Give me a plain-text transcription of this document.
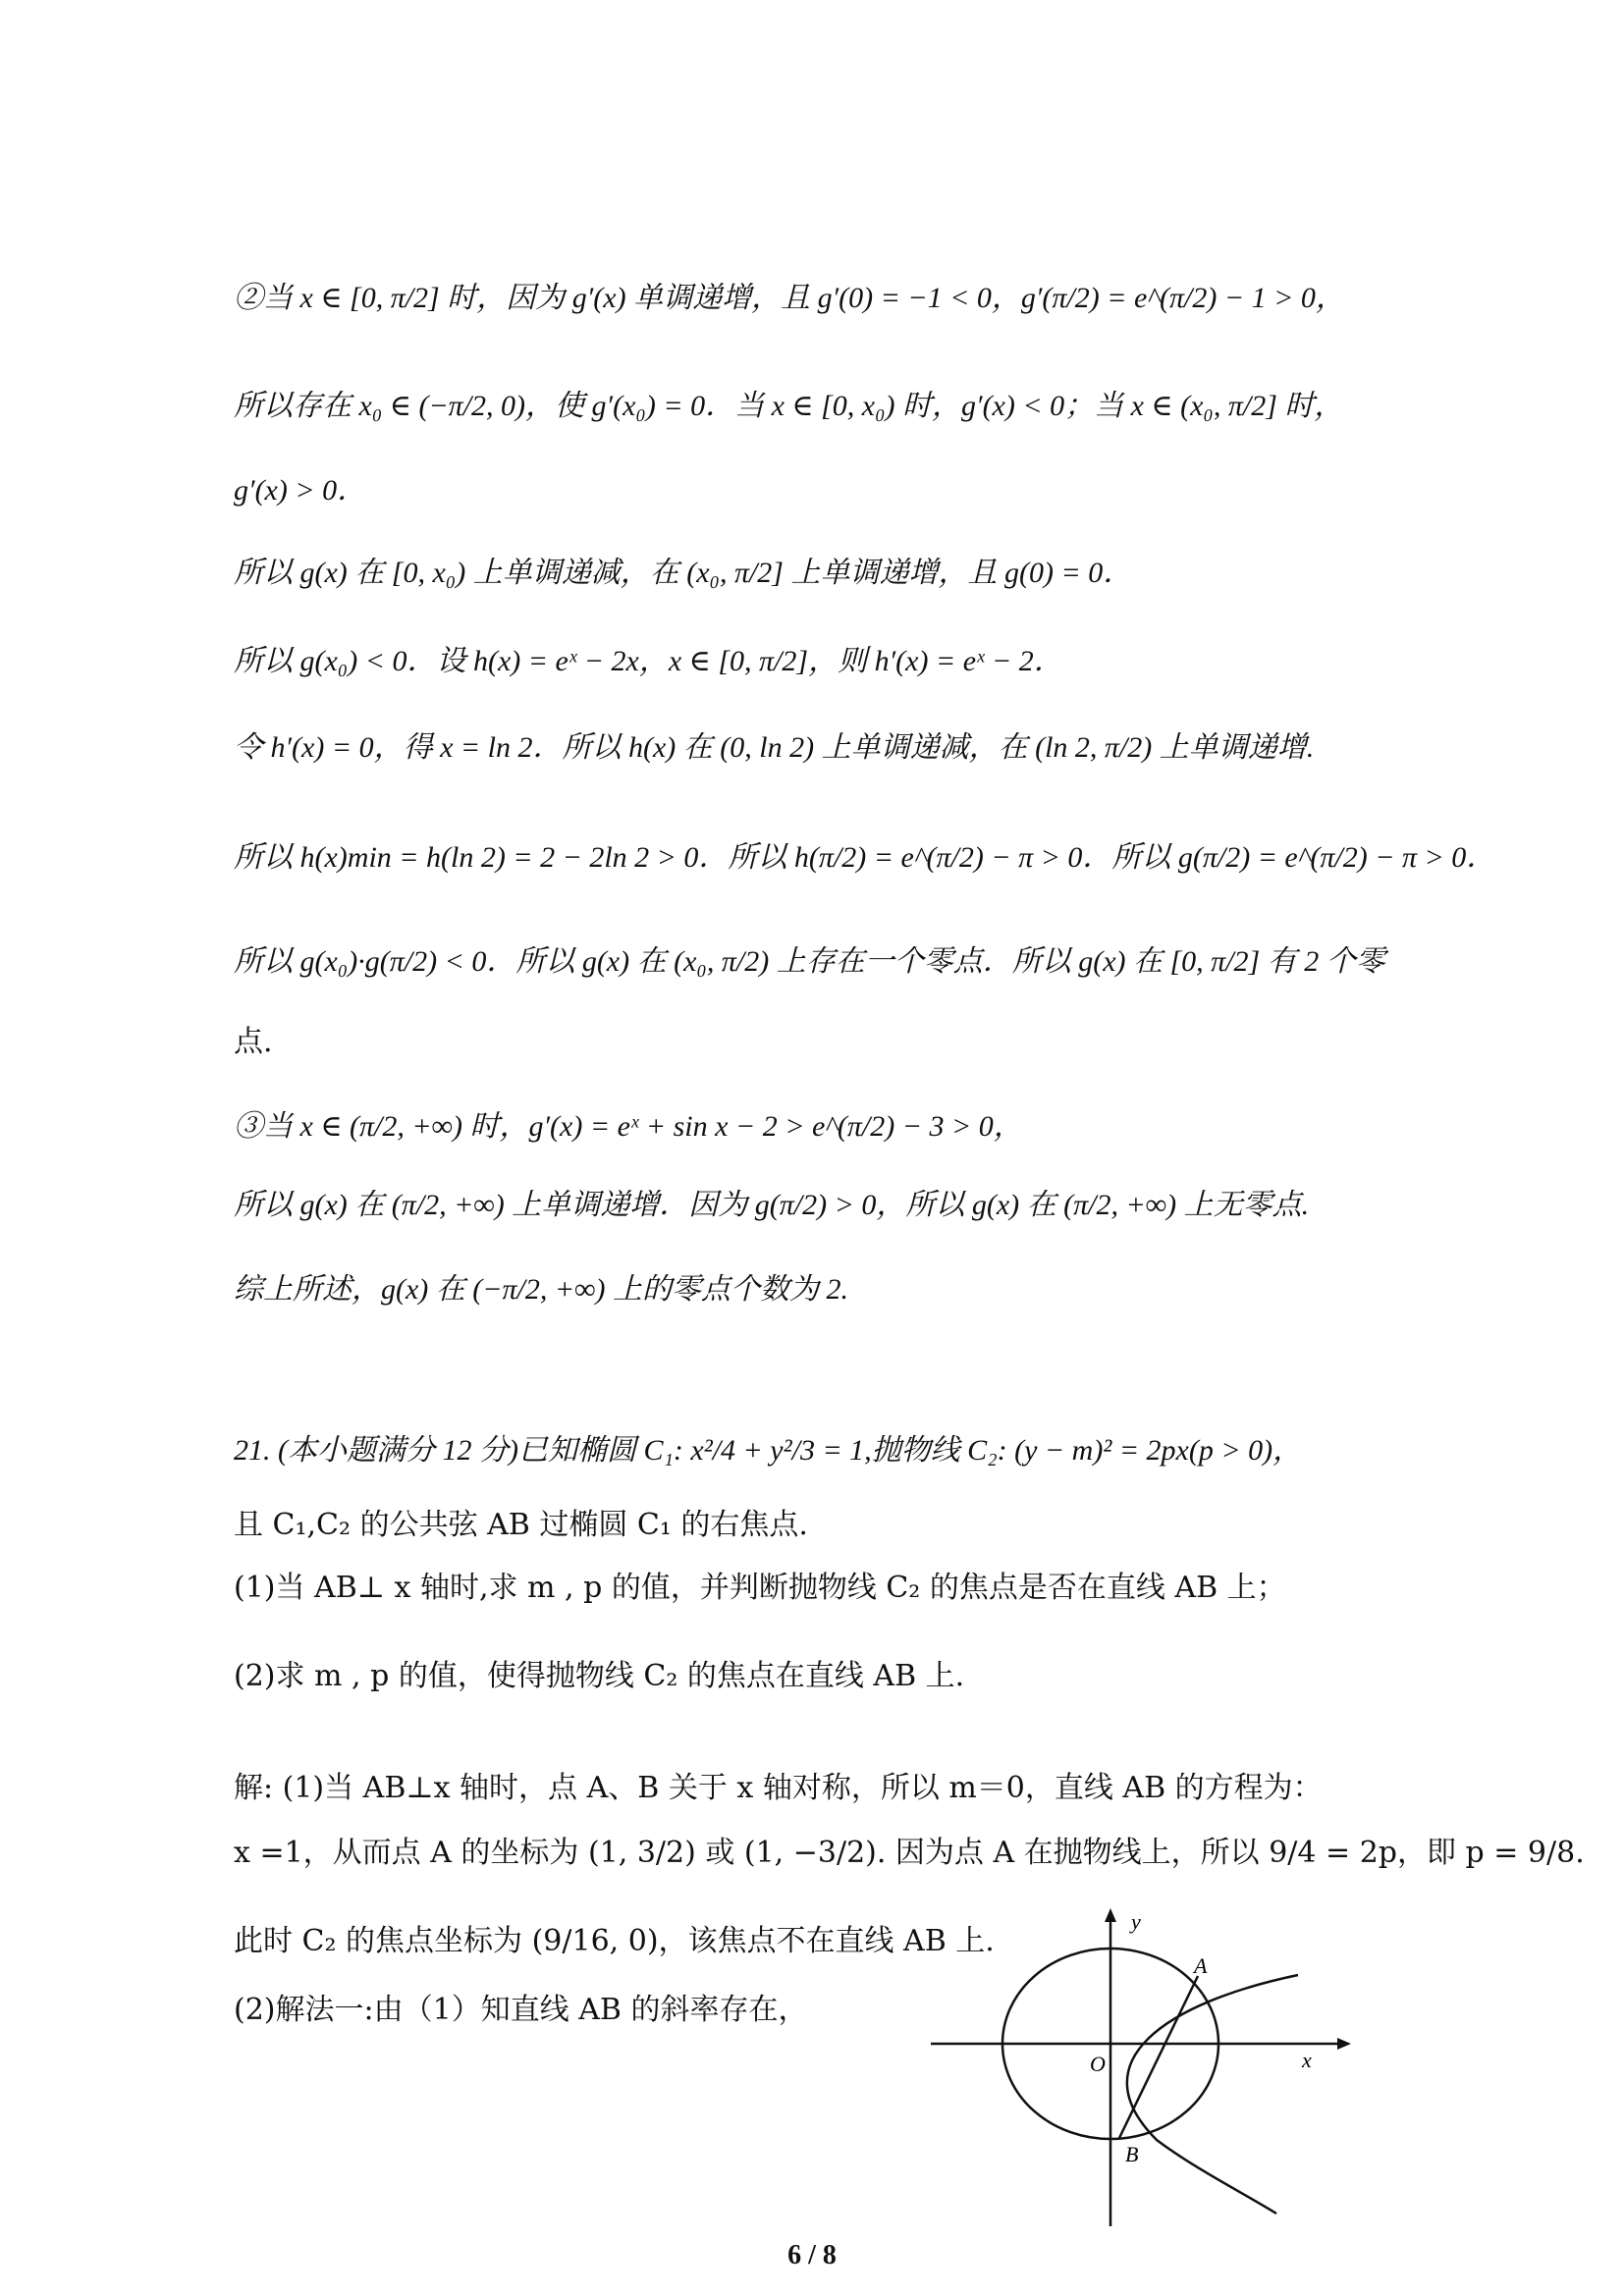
②当 x ∈ [0, π/2] 时，因为 g′(x) 单调递增，且 g′(0) = −1 < 0，g′(π/2) = e^(π/2) − 1 > 0，
所以存在 x₀ ∈ (−π/2, 0)，使 g′(x₀) = 0．当 x ∈ [0, x₀) 时，g′(x) < 0；当 x ∈ (x₀, π/2] 时，
g′(x) > 0．
所以 g(x) 在 [0, x₀) 上单调递减，在 (x₀, π/2] 上单调递增，且 g(0) = 0．
所以 g(x₀) < 0．设 h(x) = eˣ − 2x，x ∈ [0, π/2]，则 h′(x) = eˣ − 2．
令 h′(x) = 0，得 x = ln 2．所以 h(x) 在 (0, ln 2) 上单调递减，在 (ln 2, π/2) 上单调递增.
所以 h(x)min = h(ln 2) = 2 − 2ln 2 > 0．所以 h(π/2) = e^(π/2) − π > 0．所以 g(π/2) = e^(π/2) − π > 0．
所以 g(x₀)·g(π/2) < 0．所以 g(x) 在 (x₀, π/2) 上存在一个零点．所以 g(x) 在 [0, π/2] 有 2 个零
点.
③当 x ∈ (π/2, +∞) 时，g′(x) = eˣ + sin x − 2 > e^(π/2) − 3 > 0，
所以 g(x) 在 (π/2, +∞) 上单调递增．因为 g(π/2) > 0，所以 g(x) 在 (π/2, +∞) 上无零点.
综上所述，g(x) 在 (−π/2, +∞) 上的零点个数为 2.
21. (本小题满分 12 分)已知椭圆 C₁: x²/4 + y²/3 = 1,抛物线 C₂: (y − m)² = 2px(p > 0)，
且 C₁,C₂ 的公共弦 AB 过椭圆 C₁ 的右焦点.
(1)当 AB⊥ x 轴时,求 m , p 的值，并判断抛物线 C₂ 的焦点是否在直线 AB 上；
(2)求 m , p 的值，使得抛物线 C₂ 的焦点在直线 AB 上.
解: (1)当 AB⊥x 轴时，点 A、B 关于 x 轴对称，所以 m＝0，直线 AB 的方程为：
x =1，从而点 A 的坐标为 (1, 3/2) 或 (1, −3/2). 因为点 A 在抛物线上，所以 9/4 = 2p，即 p = 9/8.
此时 C₂ 的焦点坐标为 (9/16, 0)，该焦点不在直线 AB 上.
(2)解法一:由（1）知直线 AB 的斜率存在，
y
x
O
A
B
6 / 8
